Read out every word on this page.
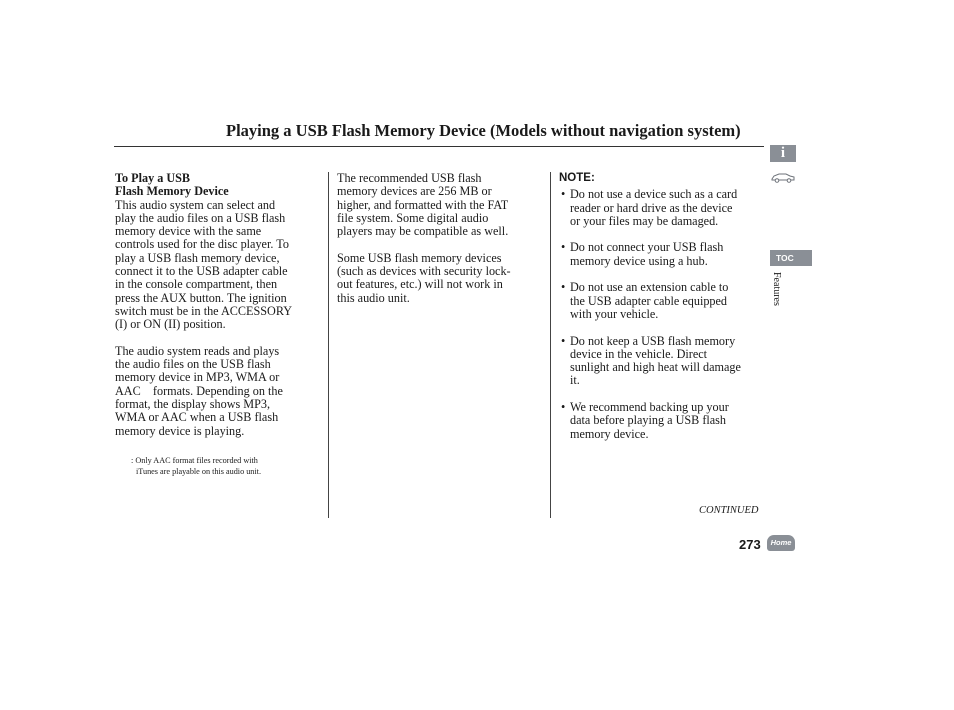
Playing a USB Flash Memory Device (Models without navigation system)
To Play a USB
Flash Memory Device

This audio system can select and
play the audio files on a USB flash
memory device with the same
controls used for the disc player. To
play a USB flash memory device,
connect it to the USB adapter cable
in the console compartment, then
press the AUX button. The ignition
switch must be in the ACCESSORY
(I) or ON (II) position.

The audio system reads and plays
the audio files on the USB flash
memory device in MP3, WMA or
AAC    formats. Depending on the
format, the display shows MP3,
WMA or AAC when a USB flash
memory device is playing.

: Only AAC format files recorded with
iTunes are playable on this audio unit.

The recommended USB flash
memory devices are 256 MB or
higher, and formatted with the FAT
file system. Some digital audio
players may be compatible as well.

Some USB flash memory devices
(such as devices with security lock-
out features, etc.) will not work in
this audio unit.

NOTE:
• Do not use a device such as a card
reader or hard drive as the device
or your files may be damaged.
• Do not connect your USB flash
memory device using a hub.
• Do not use an extension cable to
the USB adapter cable equipped
with your vehicle.
• Do not keep a USB flash memory
device in the vehicle. Direct
sunlight and high heat will damage
it.
• We recommend backing up your
data before playing a USB flash
memory device.
CONTINUED
273
i
TOC
Features
Home
